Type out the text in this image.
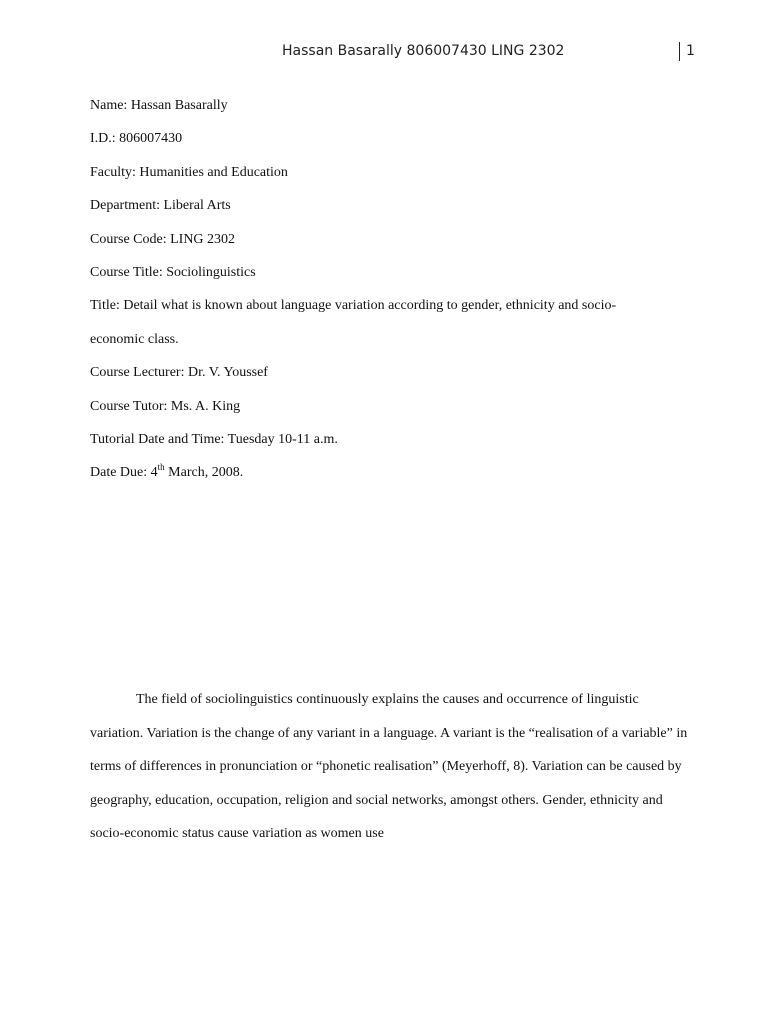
Hassan Basarally 806007430 LING 2302	1
Name: Hassan Basarally
I.D.: 806007430
Faculty: Humanities and Education
Department: Liberal Arts
Course Code: LING 2302
Course Title: Sociolinguistics
Title: Detail what is known about language variation according to gender, ethnicity and socio-
economic class.
Course Lecturer: Dr. V. Youssef
Course Tutor: Ms. A. King
Tutorial Date and Time: Tuesday 10-11 a.m.
Date Due: 4th March, 2008.

The field of sociolinguistics continuously explains the causes and occurrence of linguistic variation. Variation is the change of any variant in a language. A variant is the “realisation of a variable” in terms of differences in pronunciation or “phonetic realisation” (Meyerhoff, 8). Variation can be caused by geography, education, occupation, religion and social networks, amongst others. Gender, ethnicity and socio-economic status cause variation as women use
